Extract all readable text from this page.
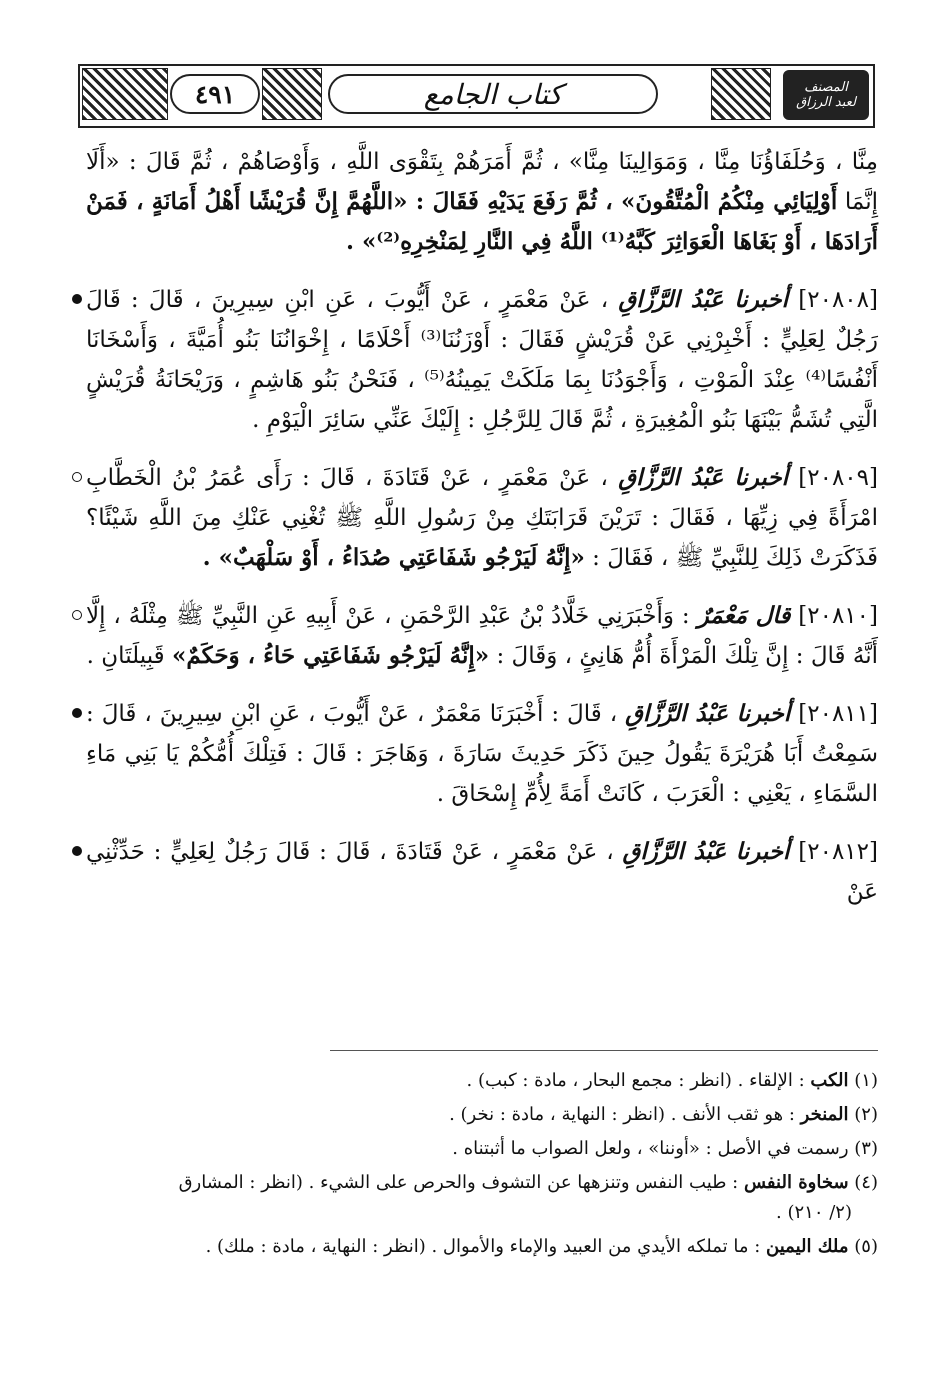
٤٩١	كتاب الجامع	المصنف
لعبد الرزاق

مِنَّا ، وَحُلَفَاؤُنَا مِنَّا ، وَمَوَالِينَا مِنَّا» ، ثُمَّ أَمَرَهُمْ بِتَقْوَى اللَّهِ ، وَأَوْصَاهُمْ ، ثُمَّ قَالَ : «أَلَا إِنَّمَا أَوْلِيَائِي مِنْكُمُ الْمُتَّقُونَ» ، ثُمَّ رَفَعَ يَدَيْهِ فَقَالَ : «اللَّهُمَّ إِنَّ قُرَيْشًا أَهْلُ أَمَانَةٍ ، فَمَنْ أَرَادَهَا ، أَوْ بَغَاهَا الْعَوَاثِرَ كَبَّهُ⁽¹⁾ اللَّهُ فِي النَّارِ لِمَنْخِرِهِ⁽²⁾» .

[٢٠٨٠٨] أخبرنا عَبْدُ الرَّزَّاقِ ، عَنْ مَعْمَرٍ ، عَنْ أَيُّوبَ ، عَنِ ابْنِ سِيرِينَ ، قَالَ : قَالَ رَجُلٌ لِعَلِيٍّ : أَخْبِرْنِي عَنْ قُرَيْشٍ فَقَالَ : أَوْزَنُنَا⁽³⁾ أَحْلَامًا ، إِخْوَانُنَا بَنُو أُمَيَّةَ ، وَأَسْخَانَا أَنْفُسًا⁽⁴⁾ عِنْدَ الْمَوْتِ ، وَأَجْوَدُنَا بِمَا مَلَكَتْ يَمِينُهُ⁽⁵⁾ ، فَنَحْنُ بَنُو هَاشِمٍ ، وَرَيْحَانَةُ قُرَيْشٍ الَّتِي تُشَمُّ بَيْنَهَا بَنُو الْمُغِيرَةِ ، ثُمَّ قَالَ لِلرَّجُلِ : إِلَيْكَ عَنِّي سَائِرَ الْيَوْمِ .

[٢٠٨٠٩] أخبرنا عَبْدُ الرَّزَّاقِ ، عَنْ مَعْمَرٍ ، عَنْ قَتَادَةَ ، قَالَ : رَأَى عُمَرُ بْنُ الْخَطَّابِ امْرَأَةً فِي زِيِّهَا ، فَقَالَ : تَرَيْنَ قَرَابَتَكِ مِنْ رَسُولِ اللَّهِ ﷺ تُغْنِي عَنْكِ مِنَ اللَّهِ شَيْئًا؟ فَذَكَرَتْ ذَلِكَ لِلنَّبِيِّ ﷺ ، فَقَالَ : «إِنَّهُ لَيَرْجُو شَفَاعَتِي صُدَاءُ ، أَوْ سَلْهَبٌ» .

[٢٠٨١٠] قال مَعْمَرٌ : وَأَخْبَرَنِي خَلَّادُ بْنُ عَبْدِ الرَّحْمَنِ ، عَنْ أَبِيهِ عَنِ النَّبِيِّ ﷺ مِثْلَهُ ، إِلَّا أَنَّهُ قَالَ : إِنَّ تِلْكَ الْمَرْأَةَ أُمُّ هَانِئٍ ، وَقَالَ : «إِنَّهُ لَيَرْجُو شَفَاعَتِي حَاءُ ، وَحَكَمٌ» قَبِيلَتَانِ .

[٢٠٨١١] أخبرنا عَبْدُ الرَّزَّاقِ ، قَالَ : أَخْبَرَنَا مَعْمَرٌ ، عَنْ أَيُّوبَ ، عَنِ ابْنِ سِيرِينَ ، قَالَ : سَمِعْتُ أَبَا هُرَيْرَةَ يَقُولُ حِينَ ذَكَرَ حَدِيثَ سَارَةَ ، وَهَاجَرَ : قَالَ : فَتِلْكَ أُمُّكُمْ يَا بَنِي مَاءِ السَّمَاءِ ، يَعْنِي : الْعَرَبَ ، كَانَتْ أَمَةً لِأُمِّ إِسْحَاقَ .

[٢٠٨١٢] أخبرنا عَبْدُ الرَّزَّاقِ ، عَنْ مَعْمَرٍ ، عَنْ قَتَادَةَ ، قَالَ : قَالَ رَجُلٌ لِعَلِيٍّ : حَدِّثْنِي عَنْ

(١) الكب : الإلقاء . (انظر : مجمع البحار ، مادة : كبب) .
(٢) المنخر : هو ثقب الأنف . (انظر : النهاية ، مادة : نخر) .
(٣) رسمت في الأصل : «أوننا» ، ولعل الصواب ما أثبتناه .
(٤) سخاوة النفس : طيب النفس وتنزهها عن التشوف والحرص على الشيء . (انظر : المشارق
(٢/ ٢١٠) .
(٥) ملك اليمين : ما تملكه الأيدي من العبيد والإماء والأموال . (انظر : النهاية ، مادة : ملك) .
